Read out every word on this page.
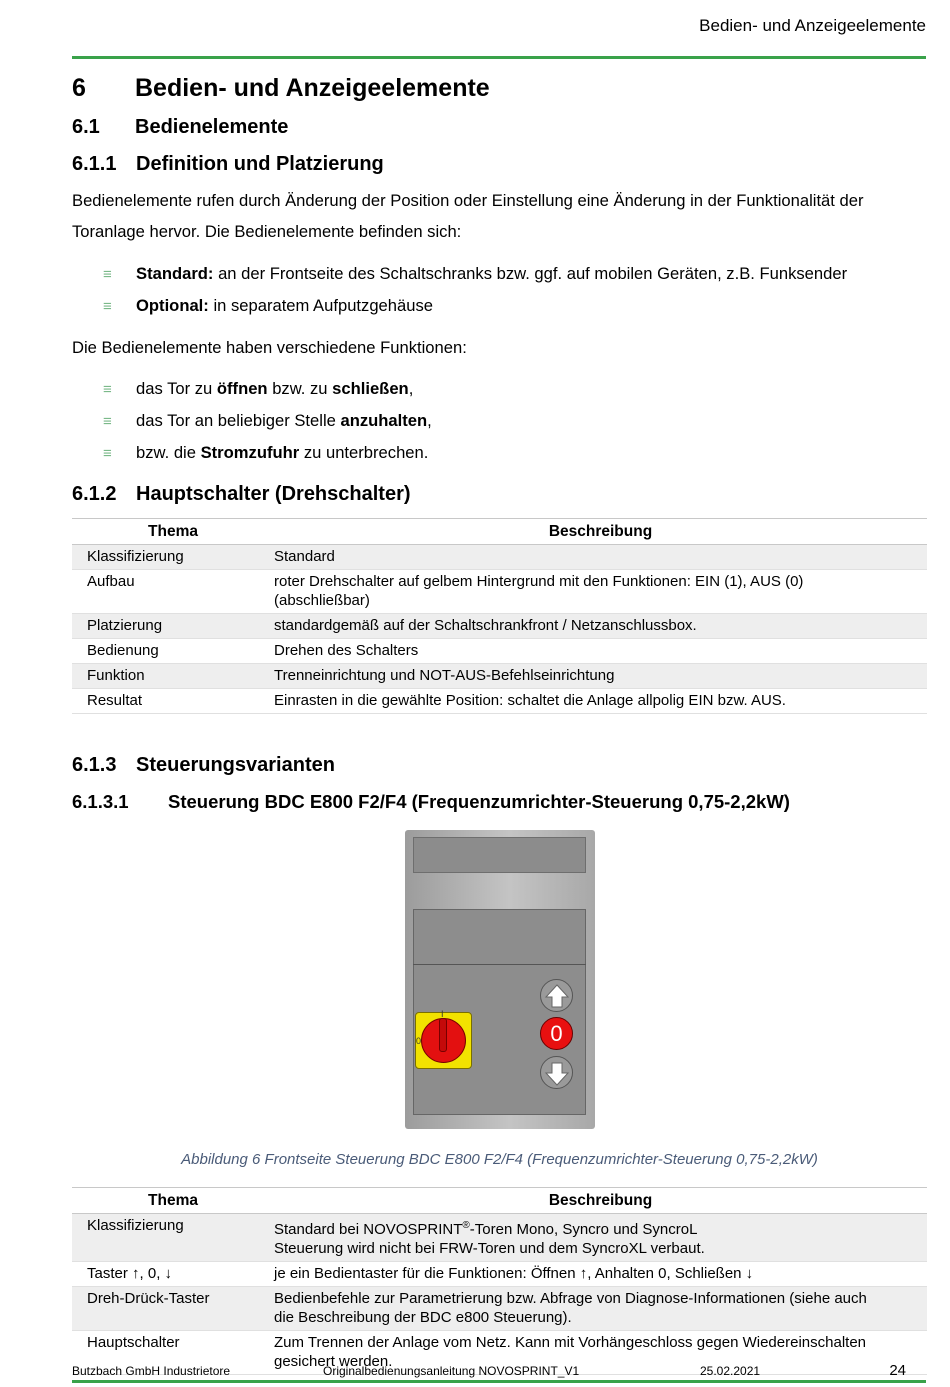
Bedien- und Anzeigeelemente
6 Bedien- und Anzeigeelemente
6.1 Bedienelemente
6.1.1 Definition und Platzierung
Bedienelemente rufen durch Änderung der Position oder Einstellung eine Änderung in der Funktionalität der Toranlage hervor. Die Bedienelemente befinden sich:
≡ Standard: an der Frontseite des Schaltschranks bzw. ggf. auf mobilen Geräten, z.B. Funksender
≡ Optional: in separatem Aufputzgehäuse
Die Bedienelemente haben verschiedene Funktionen:
≡ das Tor zu öffnen bzw. zu schließen,
≡ das Tor an beliebiger Stelle anzuhalten,
≡ bzw. die Stromzufuhr zu unterbrechen.
6.1.2 Hauptschalter (Drehschalter)
Thema	Beschreibung
Klassifizierung	Standard
Aufbau	roter Drehschalter auf gelbem Hintergrund mit den Funktionen: EIN (1), AUS (0)
(abschließbar)

Platzierung	standardgemäß auf der Schaltschrankfront / Netzanschlussbox.
Bedienung	Drehen des Schalters
Funktion	Trenneinrichtung und NOT-AUS-Befehlseinrichtung
Resultat	Einrasten in die gewählte Position: schaltet die Anlage allpolig EIN bzw. AUS.
6.1.3 Steuerungsvarianten
6.1.3.1 Steuerung BDC E800 F2/F4 (Frequenzumrichter-Steuerung 0,75-2,2kW)
0
I
0
Abbildung 6 Frontseite Steuerung BDC E800 F2/F4 (Frequenzumrichter-Steuerung 0,75-2,2kW)
Thema	Beschreibung
Klassifizierung	Standard bei NOVOSPRINT®-Toren Mono, Syncro und SyncroL
Steuerung wird nicht bei FRW-Toren und dem SyncroXL verbaut.

Taster ↑, 0, ↓	je ein Bedientaster für die Funktionen: Öffnen ↑, Anhalten 0, Schließen ↓
Dreh-Drück-Taster	Bedienbefehle zur Parametrierung bzw. Abfrage von Diagnose-Informationen (siehe auch
die Beschreibung der BDC e800 Steuerung).

Hauptschalter	Zum Trennen der Anlage vom Netz. Kann mit Vorhängeschloss gegen Wiedereinschalten
gesichert werden.
Butzbach GmbH Industrietore	Originalbedienungsanleitung NOVOSPRINT_V1	25.02.2021	24
